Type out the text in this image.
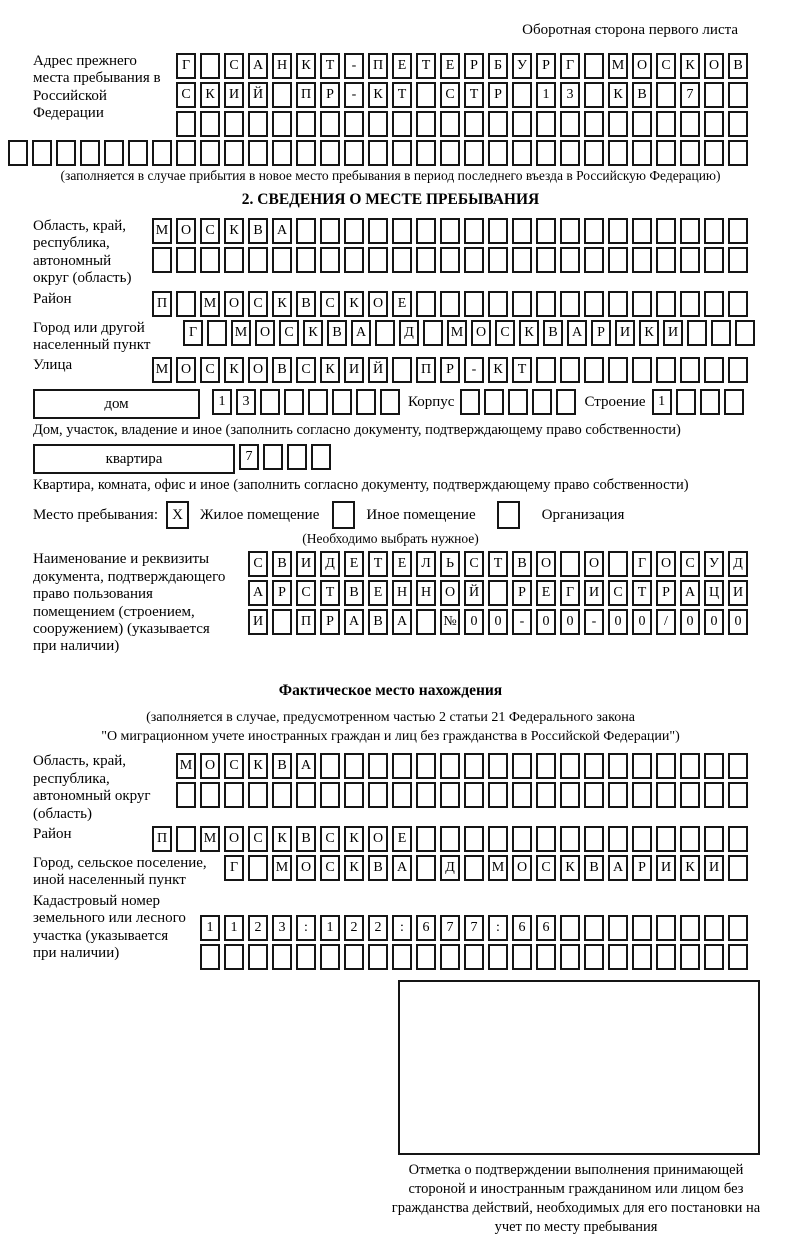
Оборотная сторона первого листа
Адрес прежнего места пребывания в Российской Федерации
Г	С	А Н	К	Т	-	П	Е	Т	Е	Р	Б	У	Р	Г	М О	С	К	О	В
С	К	И Й	П	Р	-	К	Т	С	Т	Р	1	3	К	В	7
(заполняется в случае прибытия в новое место пребывания в период последнего въезда в Российскую Федерацию)
2. СВЕДЕНИЯ О МЕСТЕ ПРЕБЫВАНИЯ
Область, край, республика, автономный округ (область)
М О	С	К	В	А
Район	П	М О	С	К	В	С	К	О	Е
Город или другой населенный пункт
Г	М О	С	К	В	А	Д	М О	С	К	В	А	Р	И	К	И
Улица	М О	С	К	О	В	С	К	И Й	П	Р	-	К	Т
дом	1	3	Корпус	Строение 1
Дом, участок, владение и иное (заполнить согласно документу, подтверждающему право собственности)
квартира	7
Квартира, комната, офис и иное (заполнить согласно документу, подтверждающему право собственности)
Место пребывания: X	Жилое помещение	Иное помещение	Организация
(Необходимо выбрать нужное)
Наименование и реквизиты документа, подтверждающего право пользования помещением (строением, сооружением) (указывается при наличии)
С	В	И	Д	Е	Т	Е	Л	Ь	С	Т	В	О	О	Г	О	С	У	Д
А	Р	С	Т	В	Е	Н Н О Й	Р	Е	Г	И	С	Т	Р	А Ц И
И	П	Р	А	В	А	№ 0	0	-	0	0	-	0	0	/	0	0	0
Фактическое место нахождения
(заполняется в случае, предусмотренном частью 2 статьи 21 Федерального закона
"О миграционном учете иностранных граждан и лиц без гражданства в Российской Федерации")
Область, край, республика, автономный округ (область)
М О	С	К	В	А
Район	П	М О	С	К	В	С	К	О	Е
Город, сельское поселение, иной населенный пункт
Г	М О	С	К	В	А	Д	М О	С	К	В	А	Р	И	К	И
Кадастровый номер земельного или лесного участка (указывается при наличии)
1	1	2	3	:	1	2	2	:	6	7	7	:	6	6
Отметка о подтверждении выполнения принимающей стороной и иностранным гражданином или лицом без гражданства действий, необходимых для его постановки на учет по месту пребывания
